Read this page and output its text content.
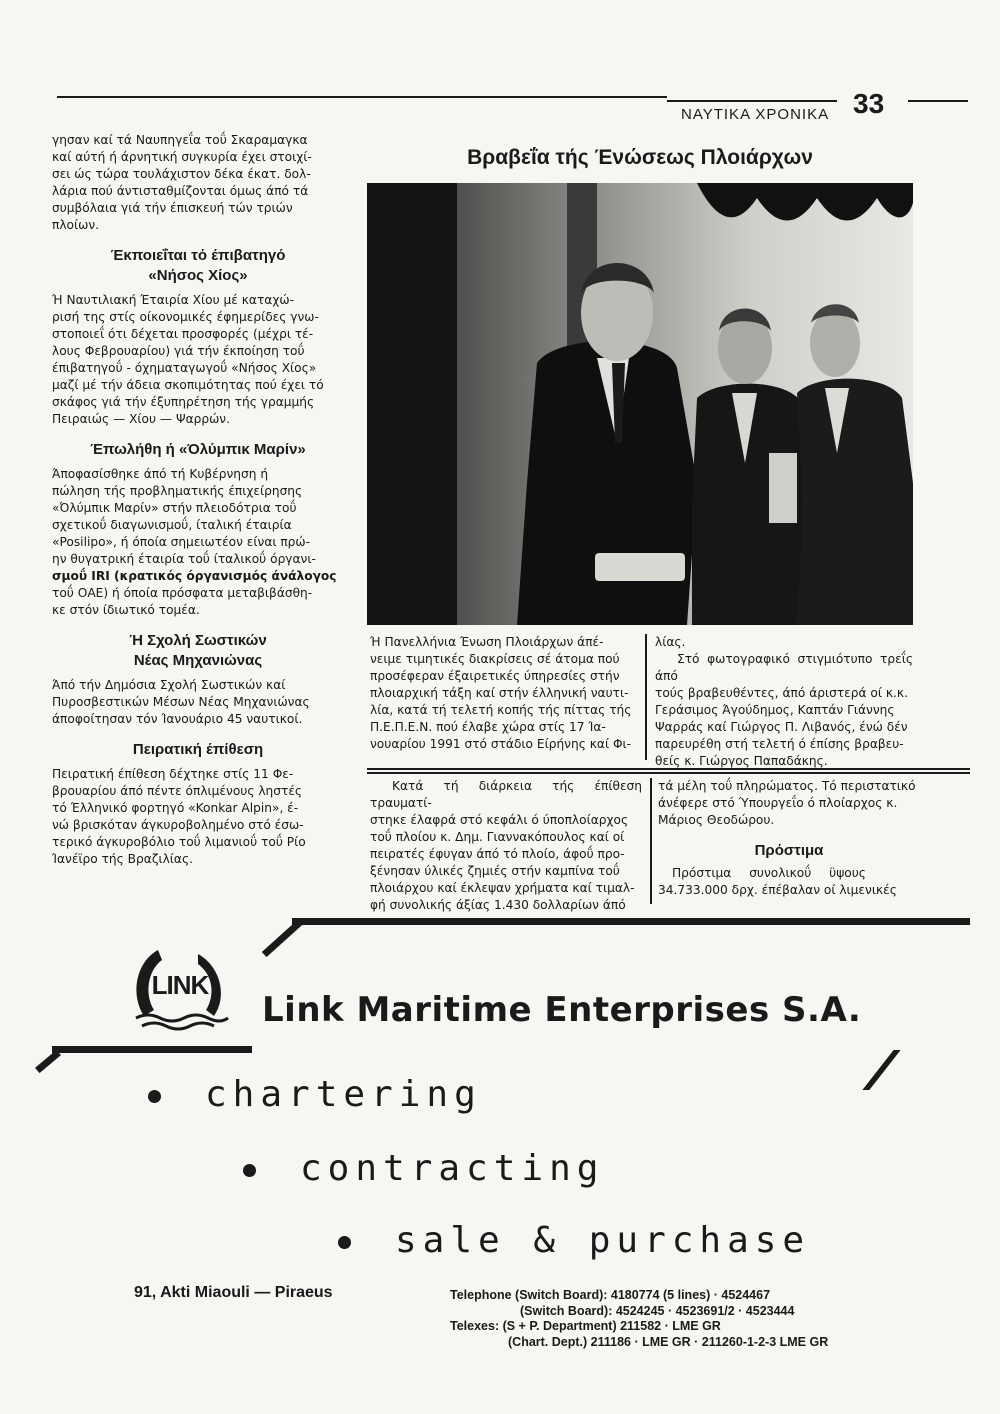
ΝΑΥΤΙΚΑ ΧΡΟΝΙΚΑ 33

γησαν καί τά Ναυπηγεΐα τοΰ Σκαραμαγκα

καί αύτή ή άρνητική συγκυρία έχει στοιχί-

σει ώς τώρα τουλάχιστον δέκα έκατ. δολ-

λάρια πού άντισταθμίζονται όμως άπό τά

συμβόλαια γιά τήν έπισκευή τών τριών

πλοίων.

Έκποιεΐται τό έπιβατηγό

«Νήσος Χίος»

Ή Ναυτιλιακή Έταιρία Χίου μέ καταχώ-

ρισή της στίς οίκονομικές έφημερίδες γνω-

στοποιεΐ ότι δέχεται προσφορές (μέχρι τέ-

λους Φεβρουαρίου) γιά τήν έκποίηση τοΰ

έπιβατηγοΰ - όχηματαγωγοΰ «Νήσος Χίος»

μαζί μέ τήν άδεια σκοπιμότητας πού έχει τό

σκάφος γιά τήν έξυπηρέτηση τής γραμμής

Πειραιώς — Χίου — Ψαρρών.

Έπωλήθη ή «Όλύμπικ Μαρίν»

Άποφασίσθηκε άπό τή Κυβέρνηση ή

πώληση τής προβληματικής έπιχείρησης

«Όλύμπικ Μαρίν» στήν πλειοδότρια τοΰ

σχετικοΰ διαγωνισμοΰ, ίταλική έταιρία

«Posilipo», ή όποία σημειωτέον είναι πρώ-

ην θυγατρική έταιρία τοΰ ίταλικοΰ όργανι-

σμοΰ IRI (κρατικός όργανισμός άνάλογος

τοΰ ΟΑΕ) ή όποία πρόσφατα μεταβιβάσθη-

κε στόν ίδιωτικό τομέα.

Ή Σχολή Σωστικών

Νέας Μηχανιώνας

Άπό τήν Δημόσια Σχολή Σωστικών καί

Πυροσβεστικών Μέσων Νέας Μηχανιώνας

άποφοίτησαν τόν Ίανουάριο 45 ναυτικοί.

Πειρατική έπίθεση

Πειρατική έπίθεση δέχτηκε στίς 11 Φε-

βρουαρίου άπό πέντε όπλιμένους ληστές

τό Έλληνικό φορτηγό «Konkar Alpin», έ-

νώ βρισκόταν άγκυροβολημένο στό έσω-

τερικό άγκυροβόλιο τοΰ λιμανιοΰ τοΰ Ρίο

Ίανέϊρο τής Βραζιλίας.

Βραβεΐα τής Ένώσεως Πλοιάρχων

Ή Πανελλήνια Ένωση Πλοιάρχων άπέ-

νειμε τιμητικές διακρίσεις σέ άτομα πού

προσέφεραν έξαιρετικές ύπηρεσίες στήν

πλοιαρχική τάξη καί στήν έλληνική ναυτι-

λία, κατά τή τελετή κοπής τής πίττας τής

Π.Ε.Π.Ε.Ν. πού έλαβε χώρα στίς 17 Ία-

νουαρίου 1991 στό στάδιο Είρήνης καί Φι-

λίας.

Στό φωτογραφικό στιγμιότυπο τρεΐς άπό

τούς βραβευθέντες, άπό άριστερά οί κ.κ.

Γεράσιμος Άγούδημος, Καπτάν Γιάννης

Ψαρράς καί Γιώργος Π. Λιβανός, ένώ δέν

παρευρέθη στή τελετή ό έπίσης βραβευ-

θείς κ. Γιώργος Παπαδάκης.

Κατά τή διάρκεια τής έπίθεση τραυματί-

στηκε έλαφρά στό κεφάλι ό ύποπλοίαρχος

τοΰ πλοίου κ. Δημ. Γιαννακόπουλος καί οί

πειρατές έφυγαν άπό τό πλοίο, άφοΰ προ-

ξένησαν ύλικές ζημιές στήν καμπίνα τοΰ

πλοιάρχου καί έκλεψαν χρήματα καί τιμαλ-

φή συνολικής άξίας 1.430 δολλαρίων άπό

τά μέλη τοΰ πληρώματος. Τό περιστατικό

άνέφερε στό Ύπουργεΐο ό πλοίαρχος κ.

Μάριος Θεοδώρου.

Πρόστιμα

Πρόστιμα συνολικοΰ ϋψους

34.733.000 δρχ. έπέβαλαν οί λιμενικές

LINK
Link Maritime Enterprises S.A.
chartering
contracting
sale & purchase
91, Akti Miaouli — Piraeus	Telephone (Switch Board): 4180774 (5 lines) · 4524467
(Switch Board): 4524245 · 4523691/2 · 4523444
Telexes: (S + P. Department) 211582 · LME GR
(Chart. Dept.) 211186 · LME GR · 211260-1-2-3 LME GR
